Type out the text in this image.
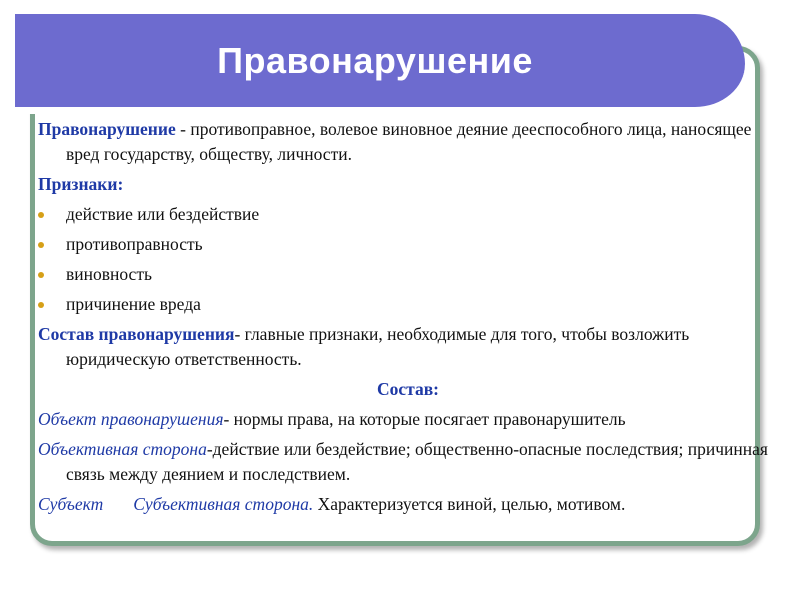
Правонарушение

Правонарушение - противоправное, волевое виновное деяние дееспособного лица, наносящее вред государству, обществу, личности.

Признаки:

действие или бездействие
противоправность
виновность
причинение вреда

Состав правонарушения- главные признаки, необходимые для того, чтобы возложить юридическую ответственность.

Состав:

Объект правонарушения- нормы права, на которые посягает правонарушитель

Объективная сторона-действие или бездействие; общественно-опасные последствия; причинная связь между деянием и последствием.

Субъект Субъективная сторона. Характеризуется виной, целью, мотивом.
